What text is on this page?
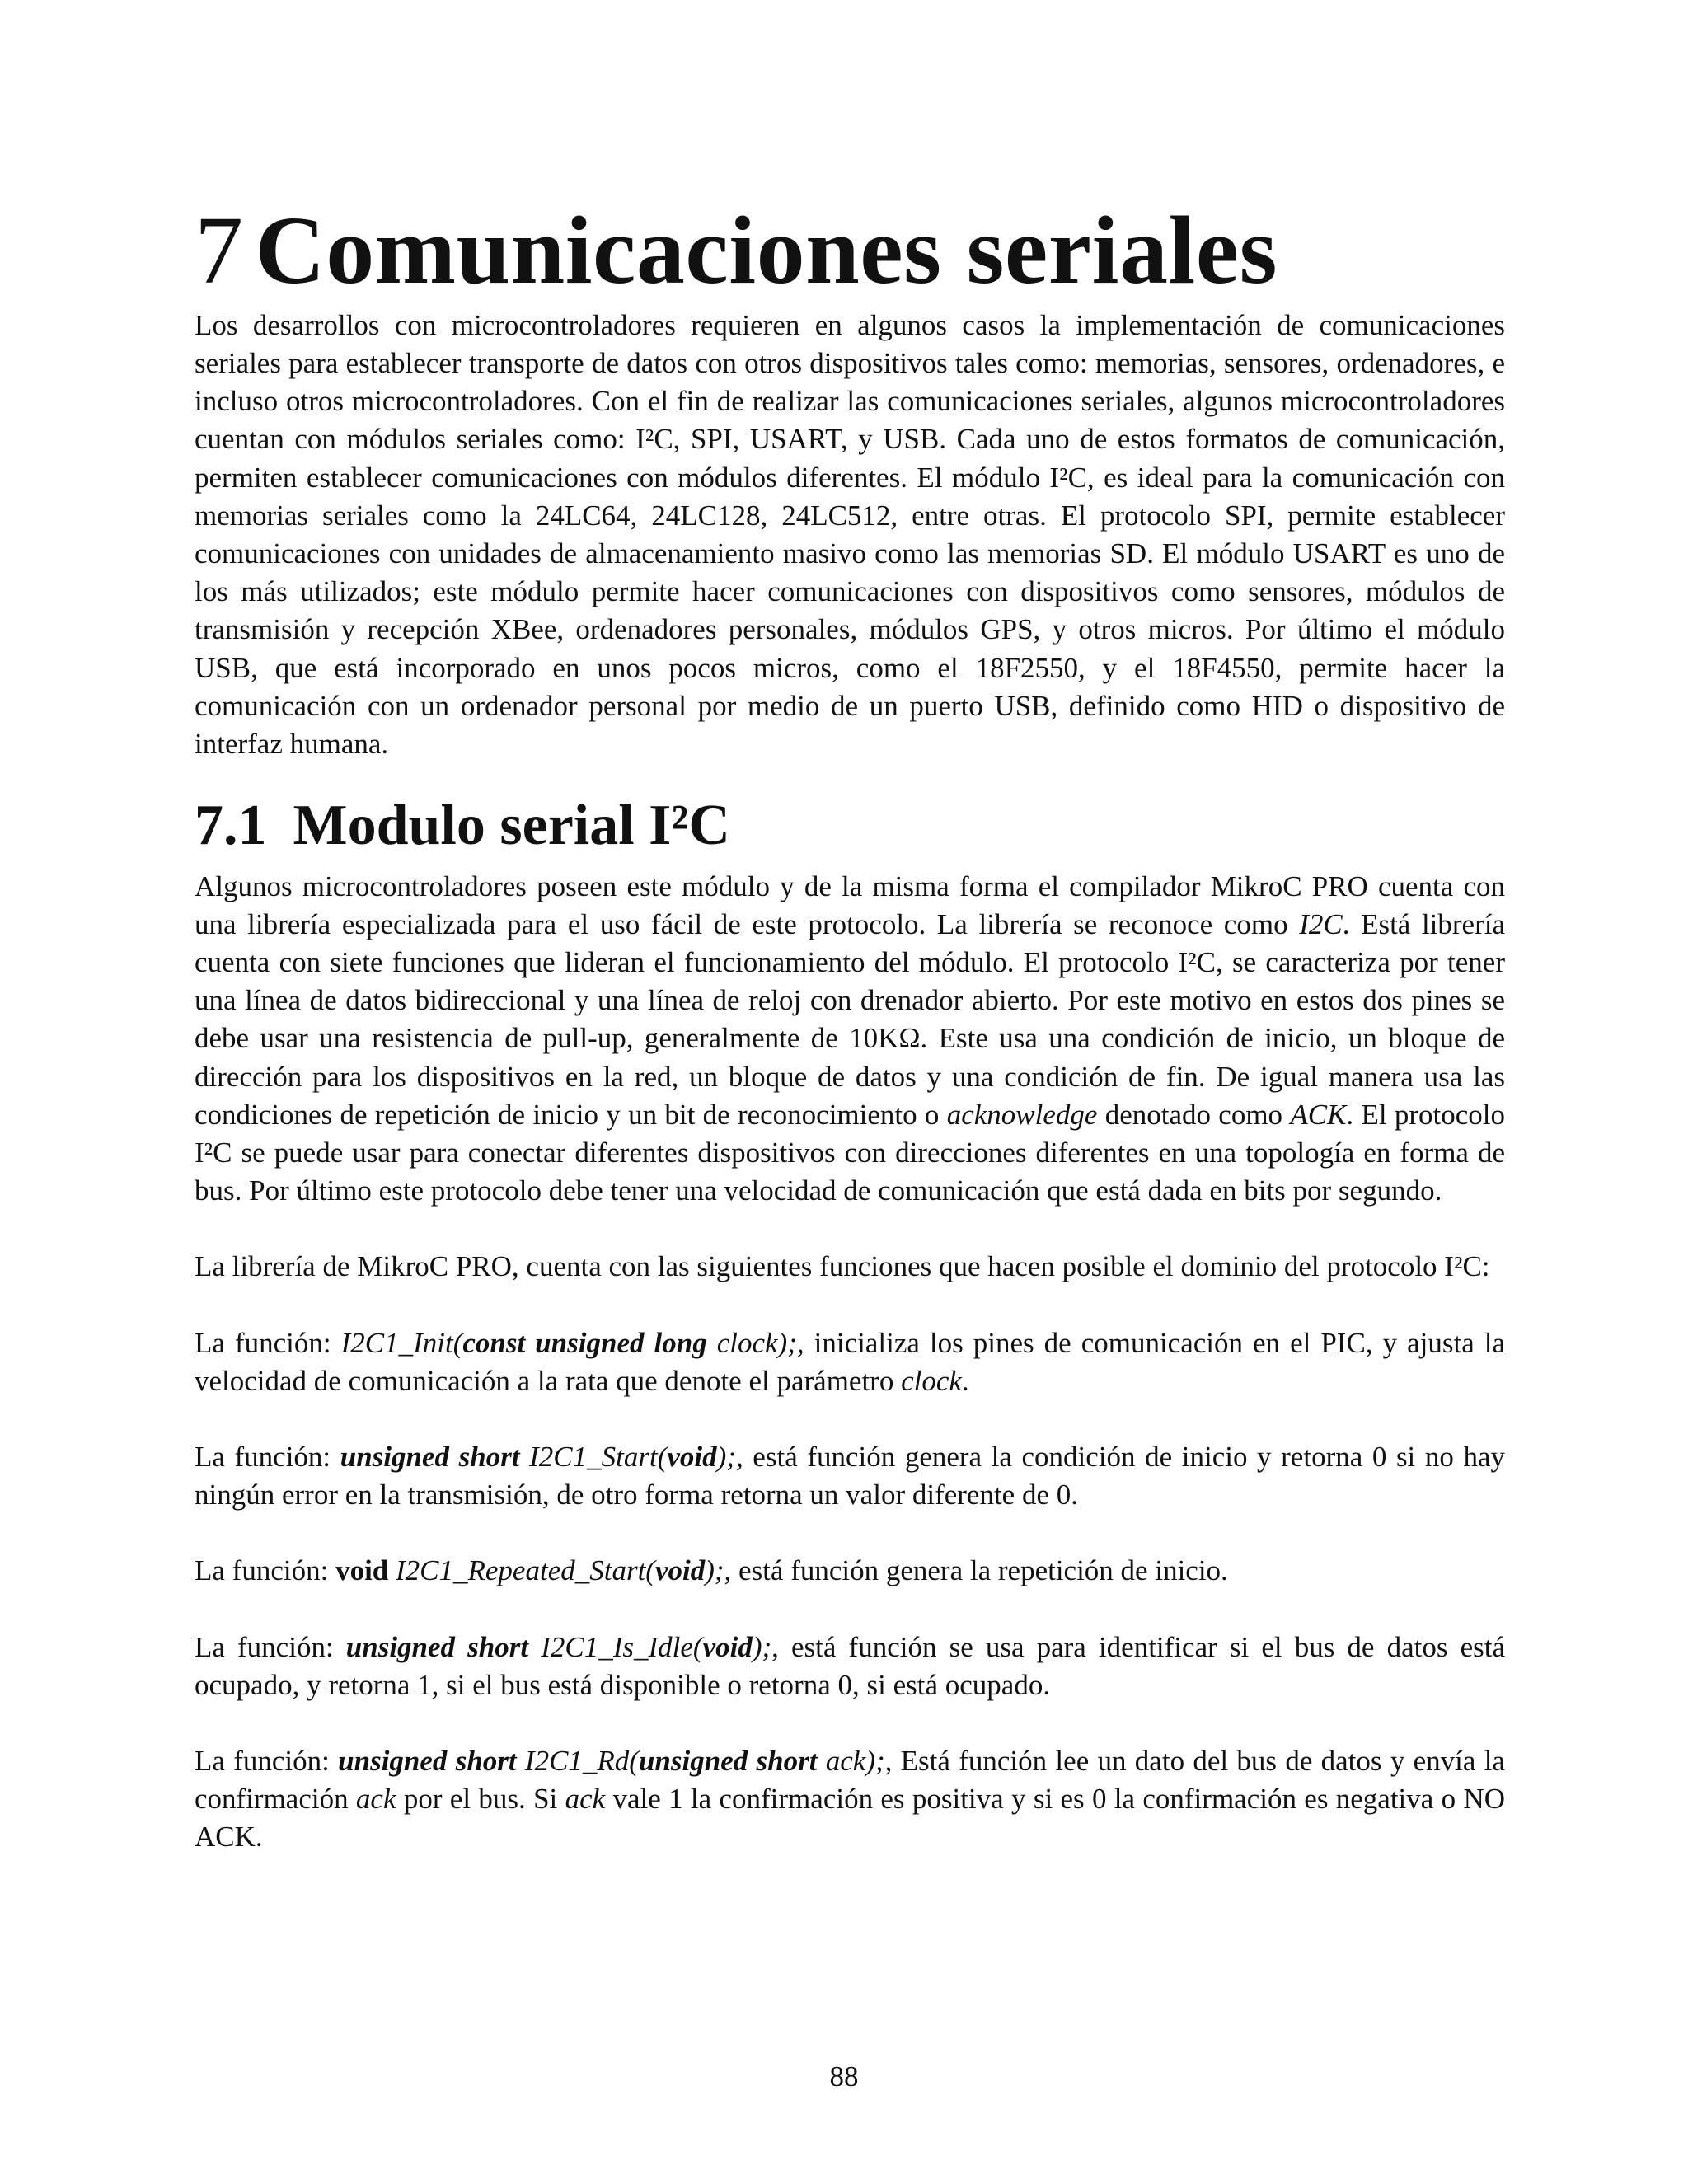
7 Comunicaciones seriales

Los desarrollos con microcontroladores requieren en algunos casos la implementación de comunicaciones seriales para establecer transporte de datos con otros dispositivos tales como: memorias, sensores, ordenadores, e incluso otros microcontroladores. Con el fin de realizar las comunicaciones seriales, algunos microcontroladores cuentan con módulos seriales como: I²C, SPI, USART, y USB. Cada uno de estos formatos de comunicación, permiten establecer comunicaciones con módulos diferentes. El módulo I²C, es ideal para la comunicación con memorias seriales como la 24LC64, 24LC128, 24LC512, entre otras. El protocolo SPI, permite establecer comunicaciones con unidades de almacenamiento masivo como las memorias SD. El módulo USART es uno de los más utilizados; este módulo permite hacer comunicaciones con dispositivos como sensores, módulos de transmisión y recepción XBee, ordenadores personales, módulos GPS, y otros micros. Por último el módulo USB, que está incorporado en unos pocos micros, como el 18F2550, y el 18F4550, permite hacer la comunicación con un ordenador personal por medio de un puerto USB, definido como HID o dispositivo de interfaz humana.

7.1 Modulo serial I²C

Algunos microcontroladores poseen este módulo y de la misma forma el compilador MikroC PRO cuenta con una librería especializada para el uso fácil de este protocolo. La librería se reconoce como I2C. Está librería cuenta con siete funciones que lideran el funcionamiento del módulo. El protocolo I²C, se caracteriza por tener una línea de datos bidireccional y una línea de reloj con drenador abierto. Por este motivo en estos dos pines se debe usar una resistencia de pull-up, generalmente de 10KΩ. Este usa una condición de inicio, un bloque de dirección para los dispositivos en la red, un bloque de datos y una condición de fin. De igual manera usa las condiciones de repetición de inicio y un bit de reconocimiento o acknowledge denotado como ACK. El protocolo I²C se puede usar para conectar diferentes dispositivos con direcciones diferentes en una topología en forma de bus. Por último este protocolo debe tener una velocidad de comunicación que está dada en bits por segundo.

La librería de MikroC PRO, cuenta con las siguientes funciones que hacen posible el dominio del protocolo I²C:

La función: I2C1_Init(const unsigned long clock);, inicializa los pines de comunicación en el PIC, y ajusta la velocidad de comunicación a la rata que denote el parámetro clock.

La función: unsigned short I2C1_Start(void);, está función genera la condición de inicio y retorna 0 si no hay ningún error en la transmisión, de otro forma retorna un valor diferente de 0.

La función: void I2C1_Repeated_Start(void);, está función genera la repetición de inicio.

La función: unsigned short I2C1_Is_Idle(void);, está función se usa para identificar si el bus de datos está ocupado, y retorna 1, si el bus está disponible o retorna 0, si está ocupado.

La función: unsigned short I2C1_Rd(unsigned short ack);, Está función lee un dato del bus de datos y envía la confirmación ack por el bus. Si ack vale 1 la confirmación es positiva y si es 0 la confirmación es negativa o NO ACK.

88
